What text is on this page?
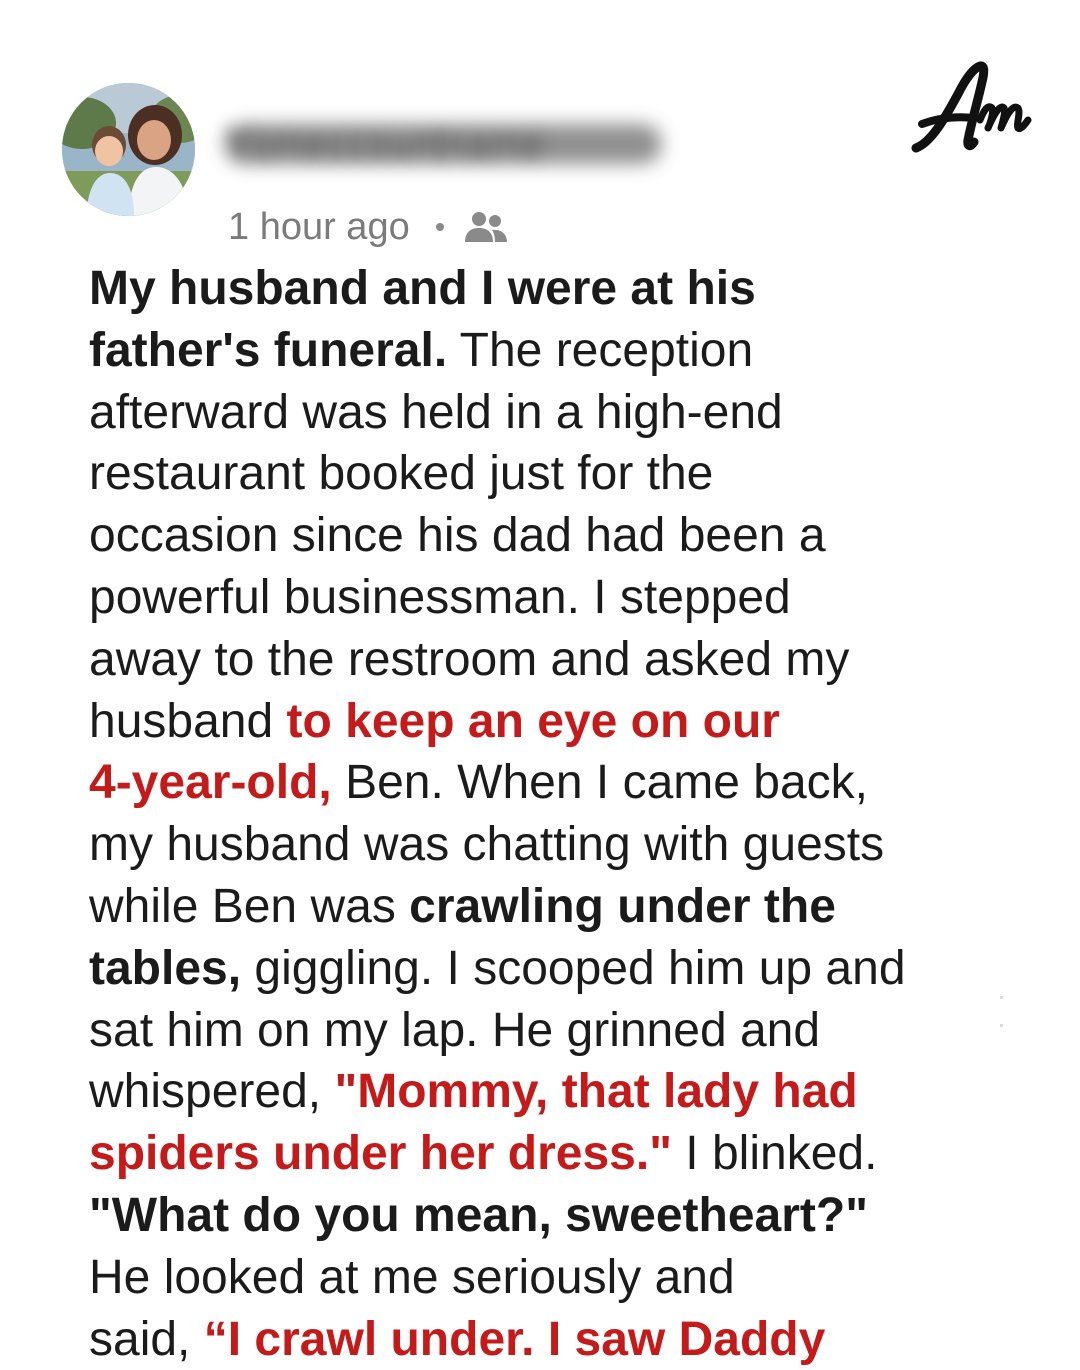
Yomeccountname
1 hour ago
Am

My husband and I were at his
father's funeral. The reception
afterward was held in a high-end
restaurant booked just for the
occasion since his dad had been a
powerful businessman. I stepped
away to the restroom and asked my
husband to keep an eye on our
4-year-old, Ben. When I came back,
my husband was chatting with guests
while Ben was crawling under the
tables, giggling. I scooped him up and
sat him on my lap. He grinned and
whispered, "Mommy, that lady had
spiders under her dress." I blinked.
"What do you mean, sweetheart?"
He looked at me seriously and
said, “I crawl under. I saw Daddy
